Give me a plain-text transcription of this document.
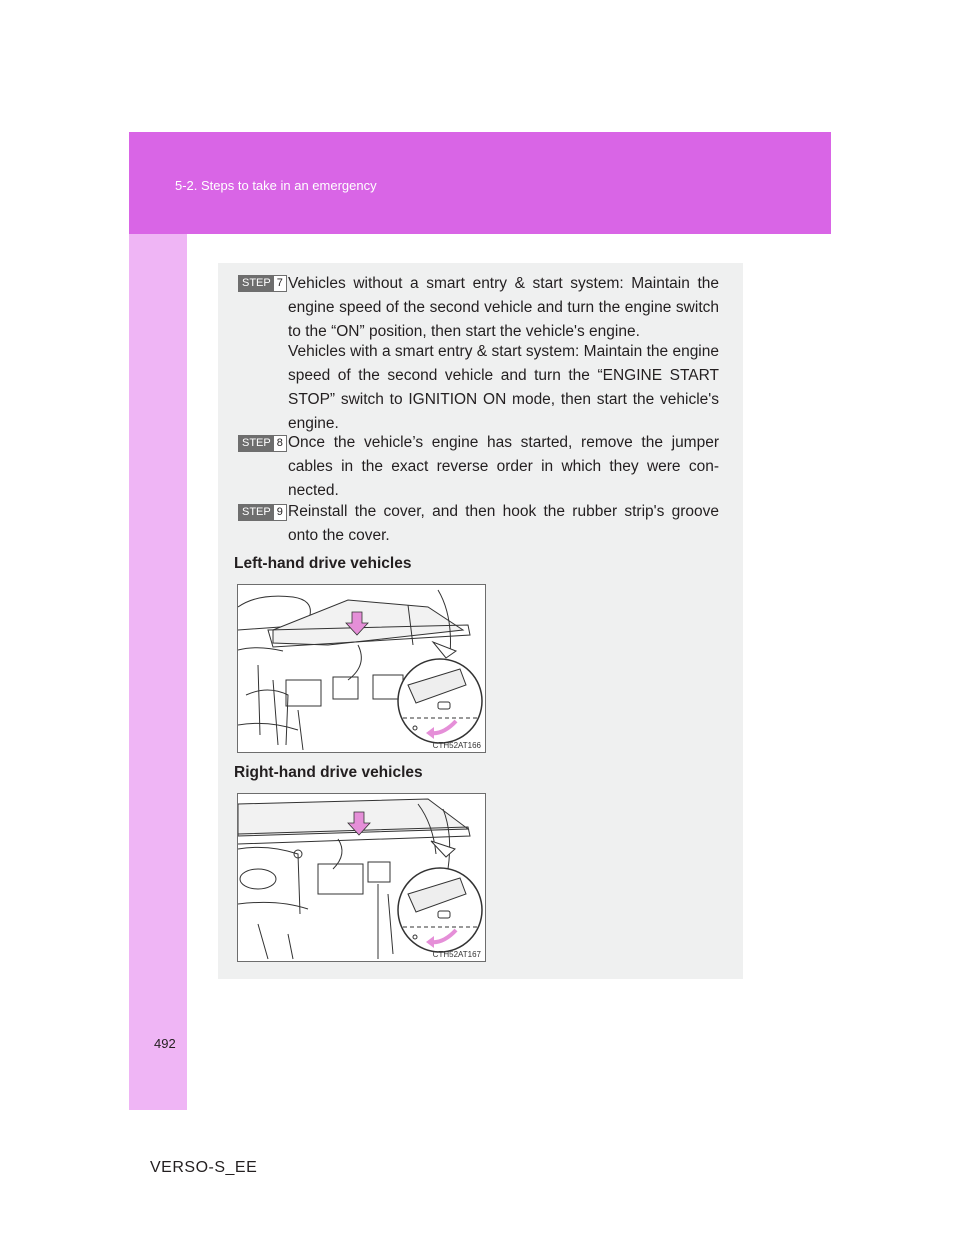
5-2. Steps to take in an emergency
STEP 7 Vehicles without a smart entry & start system: Maintain the engine speed of the second vehicle and turn the engine switch to the “ON” position, then start the vehicle's engine.
Vehicles with a smart entry & start system: Maintain the engine speed of the second vehicle and turn the “ENGINE START STOP” switch to IGNITION ON mode, then start the vehicle's engine.
STEP 8 Once the vehicle’s engine has started, remove the jumper cables in the exact reverse order in which they were con-nected.
STEP 9 Reinstall the cover, and then hook the rubber strip's groove onto the cover.
Left-hand drive vehicles
CTH52AT166
Right-hand drive vehicles
CTH52AT167
492
VERSO-S_EE
